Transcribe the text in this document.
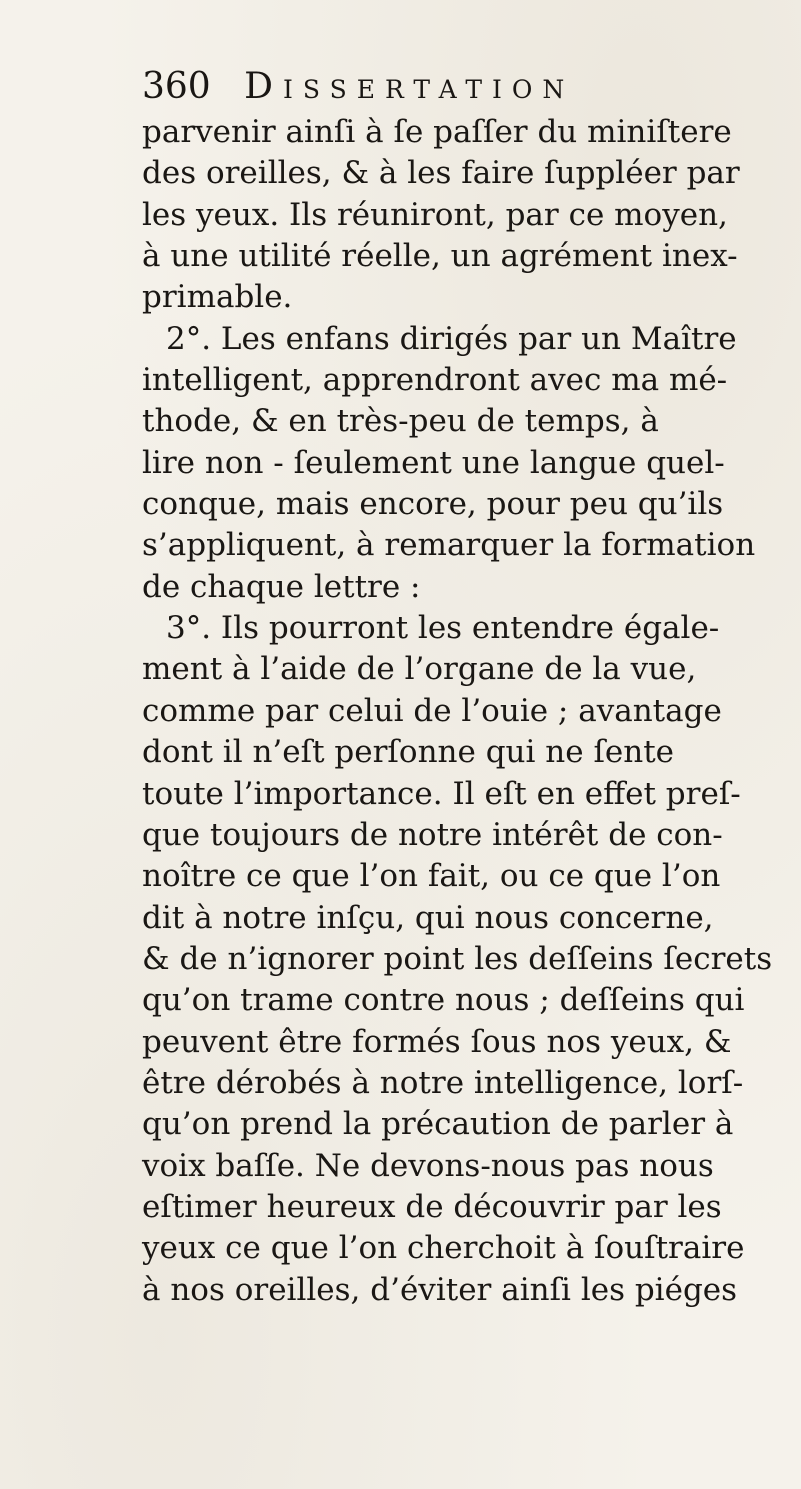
360 Dissertation
parvenir ainſi à ſe paſſer du miniſtere
des oreilles, & à les faire ſuppléer par
les yeux. Ils réuniront, par ce moyen,
à une utilité réelle, un agrément inex-
primable.
2°. Les enfans dirigés par un Maître
intelligent, apprendront avec ma mé-
thode, & en très-peu de temps, à
lire non - ſeulement une langue quel-
conque, mais encore, pour peu qu’ils
s’appliquent, à remarquer la formation
de chaque lettre :
3°. Ils pourront les entendre égale-
ment à l’aide de l’organe de la vue,
comme par celui de l’ouie ; avantage
dont il n’eſt perſonne qui ne ſente
toute l’importance. Il eſt en effet preſ-
que toujours de notre intérêt de con-
noître ce que l’on fait, ou ce que l’on
dit à notre inſçu, qui nous concerne,
& de n’ignorer point les deſſeins ſecrets
qu’on trame contre nous ; deſſeins qui
peuvent être formés ſous nos yeux, &
être dérobés à notre intelligence, lorſ-
qu’on prend la précaution de parler à
voix baſſe. Ne devons-nous pas nous
eſtimer heureux de découvrir par les
yeux ce que l’on cherchoit à ſouſtraire
à nos oreilles, d’éviter ainſi les piéges
